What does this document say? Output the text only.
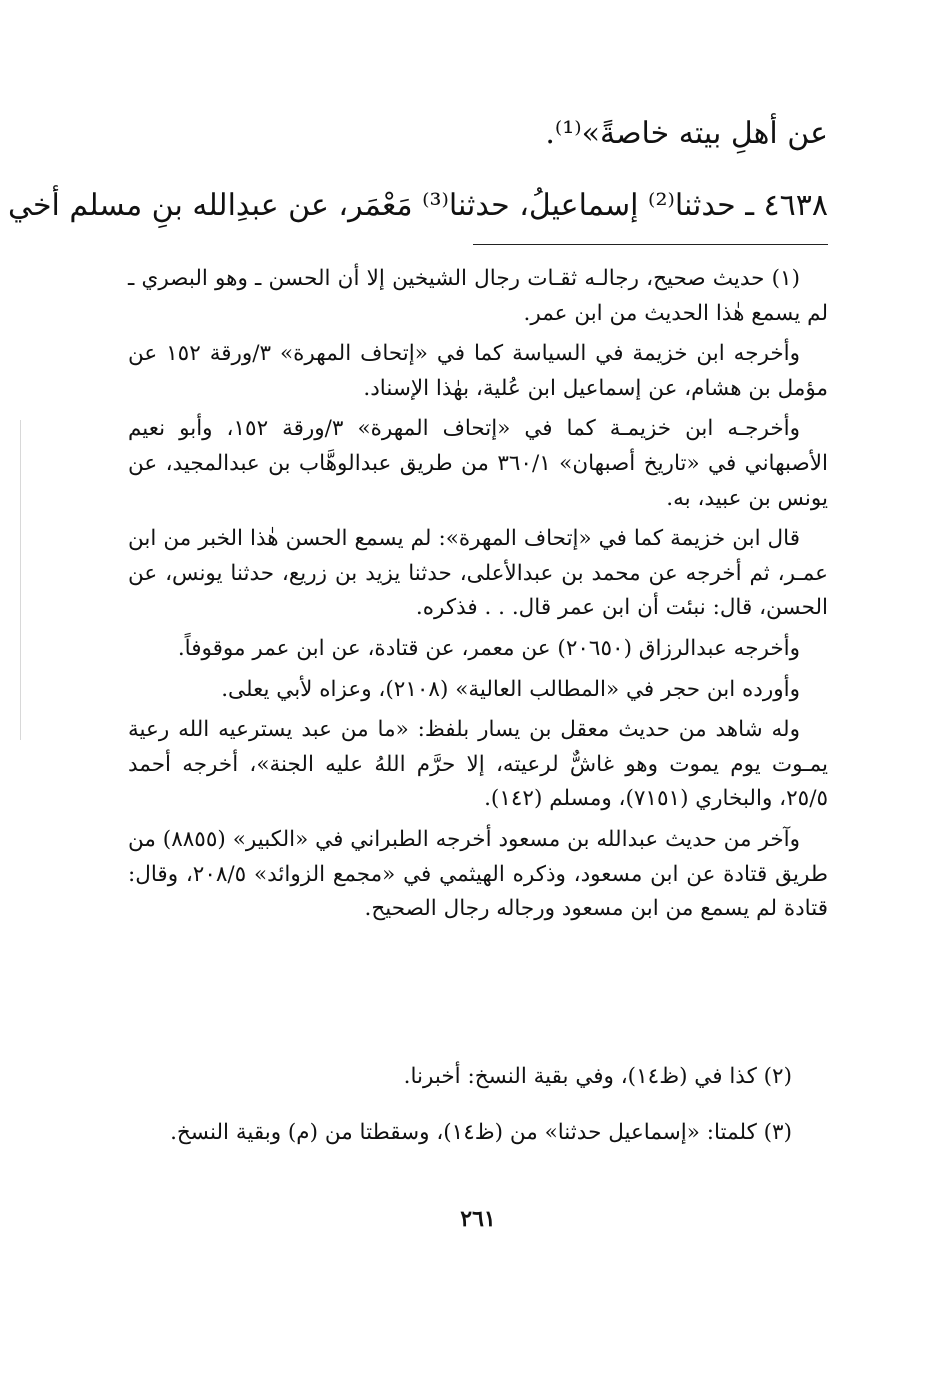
عن أهلِ بيته خاصةً»⁽¹⁾.
٤٦٣٨ ـ حدثنا⁽²⁾ إسماعيلُ، حدثنا⁽³⁾ مَعْمَر، عن عبدِالله بنِ مسلم أخي

(١) حديث صحيح، رجالـه ثقـات رجال الشيخين إلا أن الحسن ـ وهو البصري ـ لم يسمع هٰذا الحديث من ابن عمر.

وأخرجه ابن خزيمة في السياسة كما في «إتحاف المهرة» ٣/ورقة ١٥٢ عن مؤمل بن هشام، عن إسماعيل ابن عُلية، بهٰذا الإسناد.

وأخرجـه ابن خزيمـة كما في «إتحاف المهرة» ٣/ورقة ١٥٢، وأبو نعيم الأصبهاني في «تاريخ أصبهان» ٣٦٠/١ من طريق عبدالوهَّاب بن عبدالمجيد، عن يونس بن عبيد، به.

قال ابن خزيمة كما في «إتحاف المهرة»: لم يسمع الحسن هٰذا الخبر من ابن عمـر، ثم أخرجه عن محمد بن عبدالأعلى، حدثنا يزيد بن زريع، حدثنا يونس، عن الحسن، قال: نبئت أن ابن عمر قال. . . فذكره.

وأخرجه عبدالرزاق (٢٠٦٥٠) عن معمر، عن قتادة، عن ابن عمر موقوفاً.

وأورده ابن حجر في «المطالب العالية» (٢١٠٨)، وعزاه لأبي يعلى.

وله شاهد من حديث معقل بن يسار بلفظ: «ما من عبد يسترعيه الله رعية يمـوت يوم يموت وهو غاشٌّ لرعيته، إلا حرَّم اللهُ عليه الجنة»، أخرجه أحمد ٢٥/٥، والبخاري (٧١٥١)، ومسلم (١٤٢).

وآخر من حديث عبدالله بن مسعود أخرجه الطبراني في «الكبير» (٨٨٥٥) من طريق قتادة عن ابن مسعود، وذكره الهيثمي في «مجمع الزوائد» ٢٠٨/٥، وقال: قتادة لم يسمع من ابن مسعود ورجاله رجال الصحيح.

(٢) كذا في (ظ١٤)، وفي بقية النسخ: أخبرنا.

(٣) كلمتا: «إسماعيل حدثنا» من (ظ١٤)، وسقطتا من (م) وبقية النسخ.

٢٦١
